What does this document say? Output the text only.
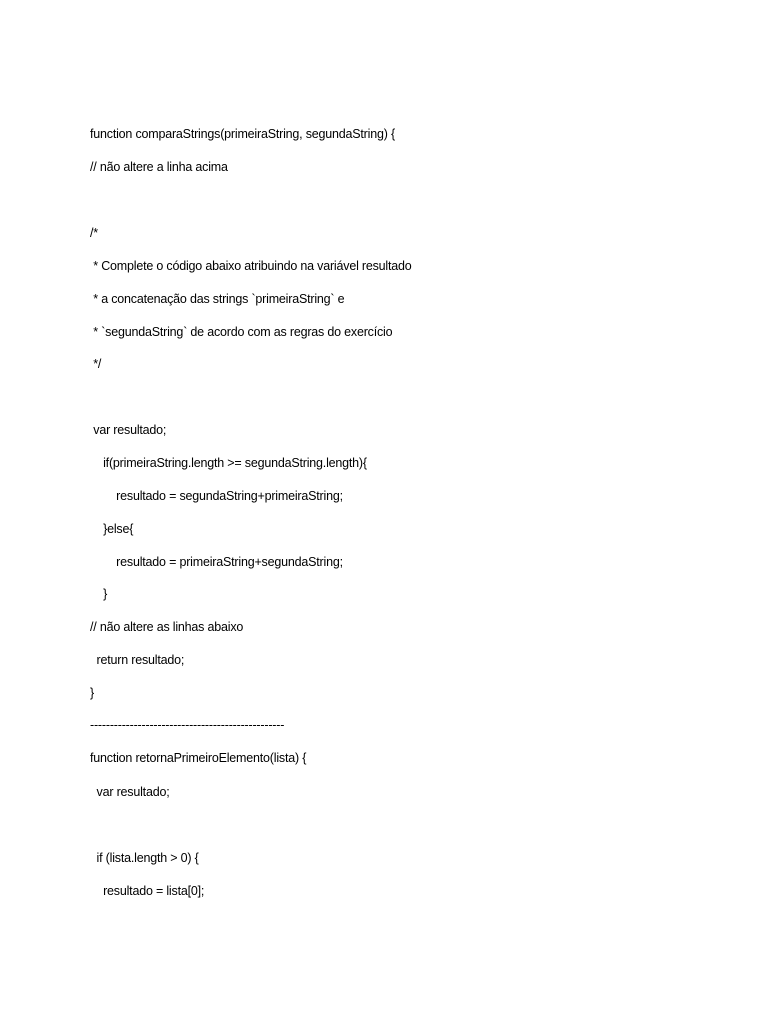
function comparaStrings(primeiraString, segundaString) {

// não altere a linha acima

/*

* Complete o código abaixo atribuindo na variável resultado

* a concatenação das strings `primeiraString` e

* `segundaString` de acordo com as regras do exercício

*/

var resultado;

if(primeiraString.length >= segundaString.length){

resultado = segundaString+primeiraString;

}else{

resultado = primeiraString+segundaString;

}

// não altere as linhas abaixo

return resultado;

}

-------------------------------------------------

function retornaPrimeiroElemento(lista) {

var resultado;

if (lista.length > 0) {

resultado = lista[0];
